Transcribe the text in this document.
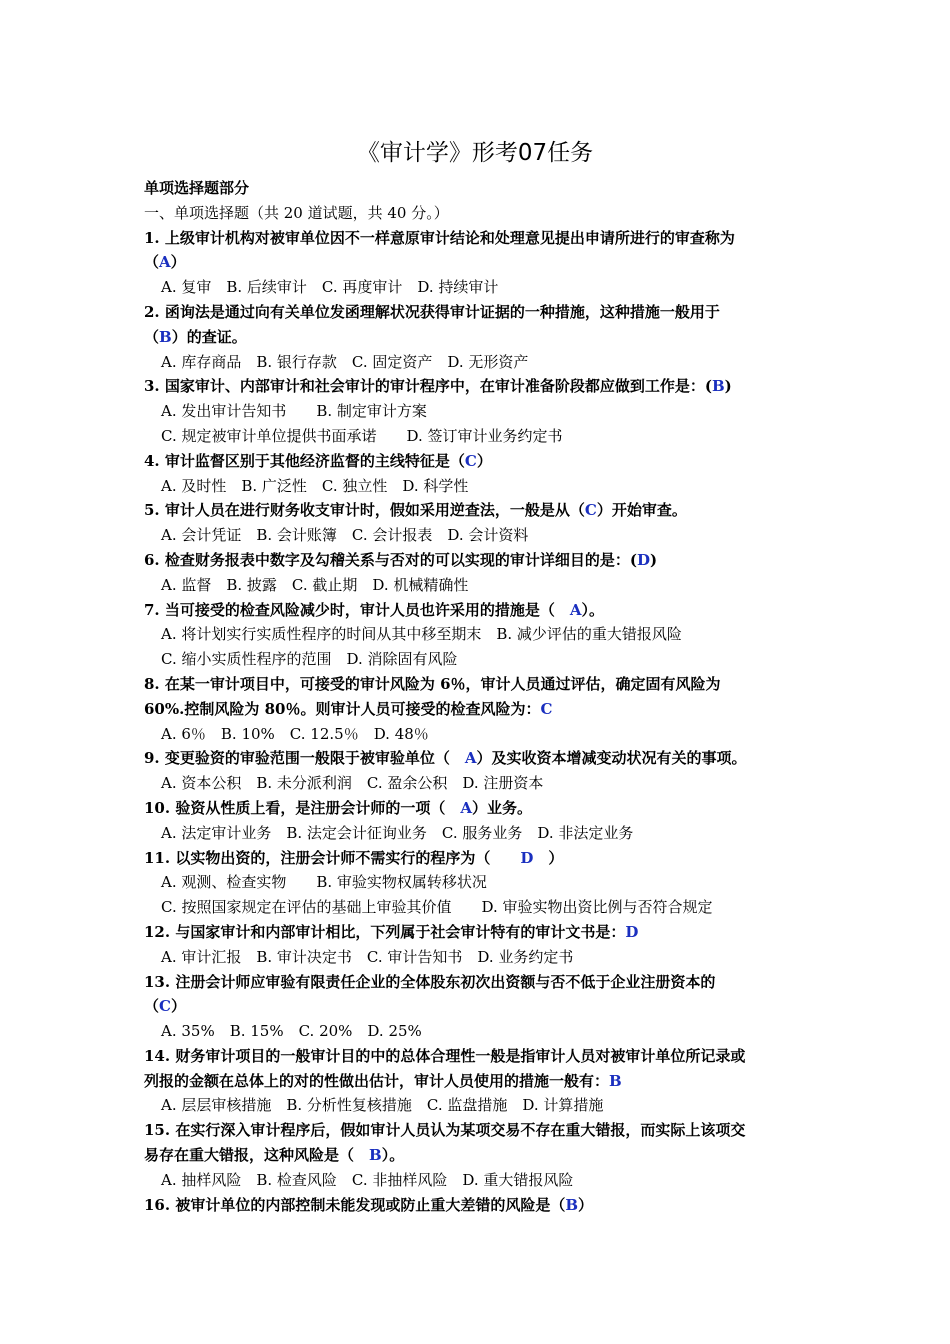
《审计学》形考07任务
单项选择题部分
一、单项选择题（共 20 道试题，共 40 分。）
1. 上级审计机构对被审单位因不一样意原审计结论和处理意见提出申请所进行的审查称为
（A）
A. 复审　B. 后续审计　C. 再度审计　D. 持续审计
2. 函询法是通过向有关单位发函理解状况获得审计证据的一种措施，这种措施一般用于
（B）的查证。
A. 库存商品　B. 银行存款　C. 固定资产　D. 无形资产
3. 国家审计、内部审计和社会审计的审计程序中，在审计准备阶段都应做到工作是：(B)
A. 发出审计告知书　　B. 制定审计方案
C. 规定被审计单位提供书面承诺　　D. 签订审计业务约定书
4. 审计监督区别于其他经济监督的主线特征是（C）
A. 及时性　B. 广泛性　C. 独立性　D. 科学性
5. 审计人员在进行财务收支审计时，假如采用逆查法，一般是从（C）开始审查。
A. 会计凭证　B. 会计账簿　C. 会计报表　D. 会计资料
6. 检查财务报表中数字及勾稽关系与否对的可以实现的审计详细目的是：(D)
A. 监督　B. 披露　C. 截止期　D. 机械精确性
7. 当可接受的检查风险减少时，审计人员也许采用的措施是（　A）。
A. 将计划实行实质性程序的时间从其中移至期末　B. 减少评估的重大错报风险
C. 缩小实质性程序的范围　D. 消除固有风险
8. 在某一审计项目中，可接受的审计风险为 6％，审计人员通过评估，确定固有风险为
60%.控制风险为 80％。则审计人员可接受的检查风险为：C
A. 6％　B. 10%　C. 12.5％　D. 48％
9. 变更验资的审验范围一般限于被审验单位（　A）及实收资本增减变动状况有关的事项。
A. 资本公积　B. 未分派利润　C. 盈余公积　D. 注册资本
10. 验资从性质上看，是注册会计师的一项（　A）业务。
A. 法定审计业务　B. 法定会计征询业务　C. 服务业务　D. 非法定业务
11. 以实物出资的，注册会计师不需实行的程序为（　　D　）
A. 观测、检查实物　　B. 审验实物权属转移状况
C. 按照国家规定在评估的基础上审验其价值　　D. 审验实物出资比例与否符合规定
12. 与国家审计和内部审计相比，下列属于社会审计特有的审计文书是：D
A. 审计汇报　B. 审计决定书　C. 审计告知书　D. 业务约定书
13. 注册会计师应审验有限责任企业的全体股东初次出资额与否不低于企业注册资本的
（C）
A. 35%　B. 15%　C. 20%　D. 25%
14. 财务审计项目的一般审计目的中的总体合理性一般是指审计人员对被审计单位所记录或
列报的金额在总体上的对的性做出估计，审计人员使用的措施一般有：B
A. 层层审核措施　B. 分析性复核措施　C. 监盘措施　D. 计算措施
15. 在实行深入审计程序后，假如审计人员认为某项交易不存在重大错报，而实际上该项交
易存在重大错报，这种风险是（　B）。
A. 抽样风险　B. 检查风险　C. 非抽样风险　D. 重大错报风险
16. 被审计单位的内部控制未能发现或防止重大差错的风险是（B）
